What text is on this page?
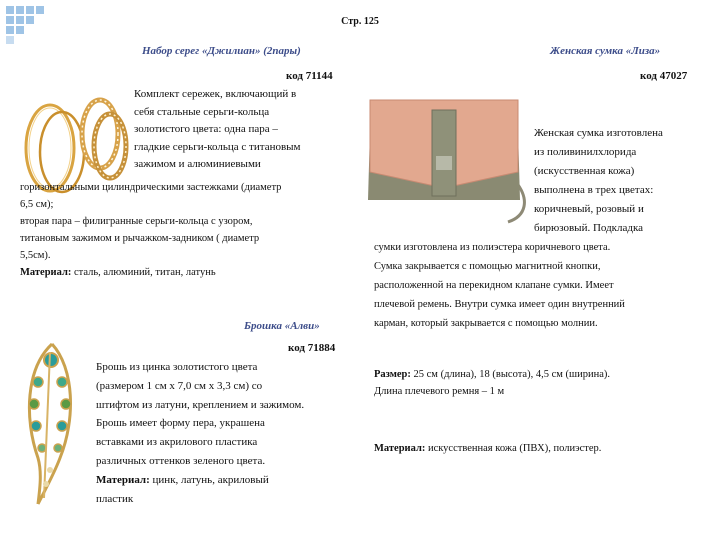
Стр. 125
Набор серег «Джилиан» (2пары)
код 71144
Комплект сережек, включающий в
себя стальные серьги-кольца
золотистого цвета: одна пара –
гладкие серьги-кольца с титановым
зажимом и алюминиевыми
горизонтальными цилиндрическими застежками (диаметр
6,5 см);
вторая пара – филигранные серьги-кольца с узором,
титановым зажимом и рычажком-задником ( диаметр
5,5см).
Материал: сталь, алюминий, титан, латунь
Брошка «Алви»
код 71884
Брошь из цинка золотистого цвета
(размером 1 см х 7,0 см х 3,3 см) со
штифтом из латуни, креплением и зажимом.
Брошь имеет форму пера, украшена
вставками из акрилового пластика
различных оттенков зеленого цвета.
Материал: цинк, латунь, акриловый
пластик
Женская сумка «Лиза»
код 47027
Женская сумка изготовлена
из поливинилхлорида
(искусственная кожа)
выполнена в трех цветах:
коричневый, розовый и
бирюзовый. Подкладка
сумки изготовлена из полиэстера коричневого цвета.
Сумка закрывается с помощью магнитной кнопки,
расположенной на перекидном клапане сумки. Имеет
плечевой ремень. Внутри сумка имеет один внутренний
карман, который закрывается с помощью молнии.
Размер: 25 см (длина), 18 (высота), 4,5 см (ширина).
Длина плечевого ремня – 1 м
Материал: искусственная кожа (ПВХ), полиэстер.
